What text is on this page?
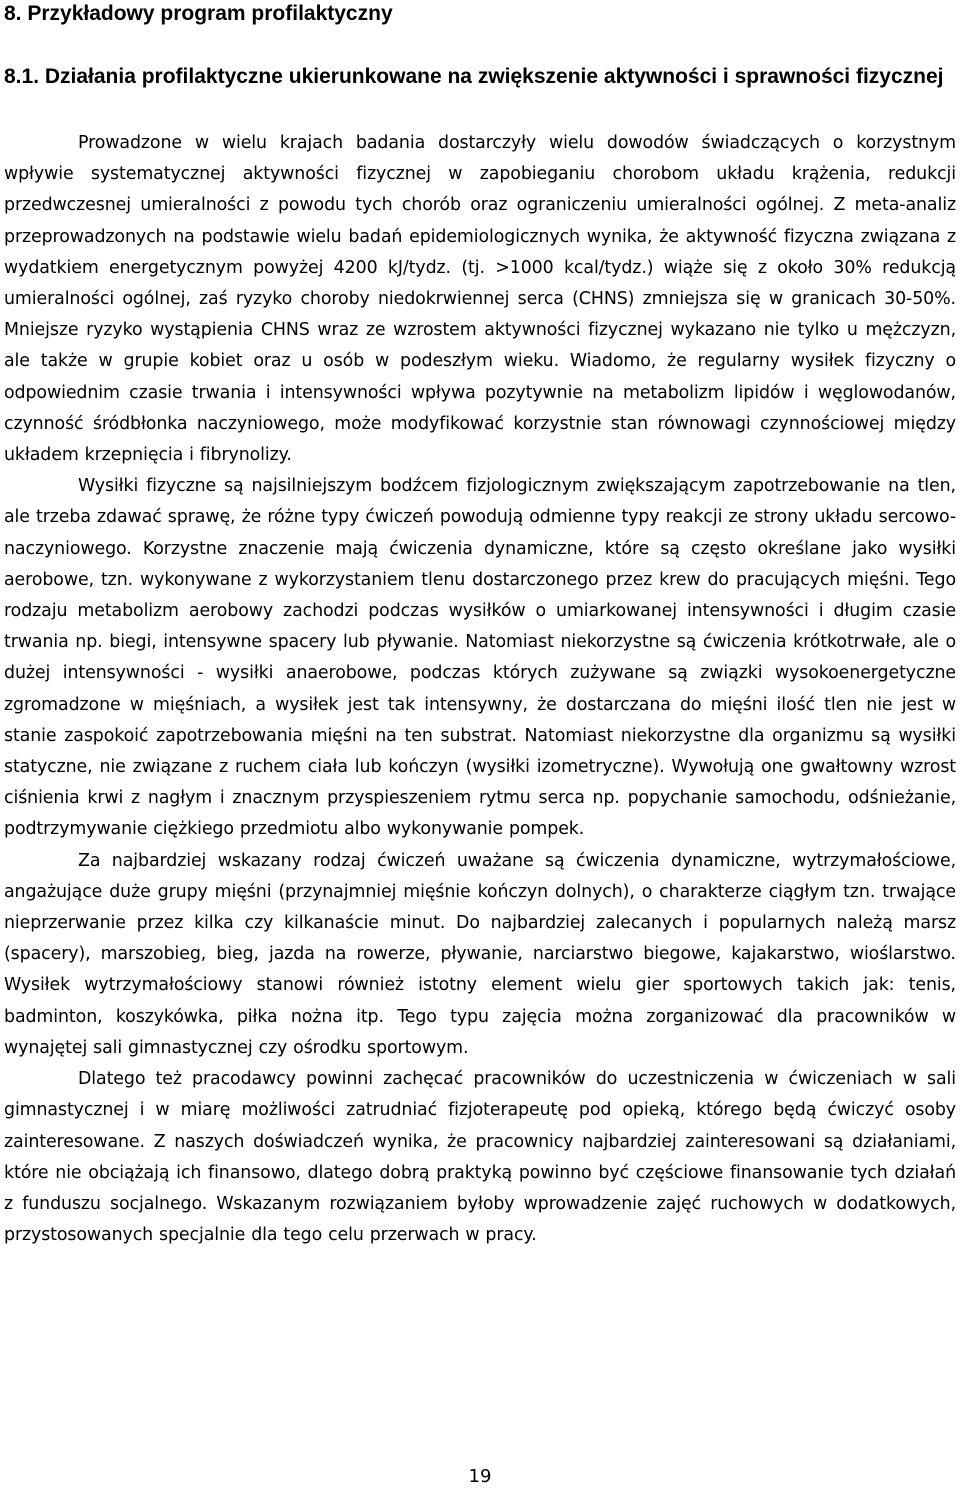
8. Przykładowy program profilaktyczny
8.1. Działania profilaktyczne ukierunkowane na zwiększenie aktywności i sprawności fizycznej

Prowadzone w wielu krajach badania dostarczyły wielu dowodów świadczących o korzystnym wpływie systematycznej aktywności fizycznej w zapobieganiu chorobom układu krążenia, redukcji przedwczesnej umieralności z powodu tych chorób oraz ograniczeniu umieralności ogólnej. Z meta-analiz przeprowadzonych na podstawie wielu badań epidemiologicznych wynika, że aktywność fizyczna związana z wydatkiem energetycznym powyżej 4200 kJ/tydz. (tj. >1000 kcal/tydz.) wiąże się z około 30% redukcją umieralności ogólnej, zaś ryzyko choroby niedokrwiennej serca (CHNS) zmniejsza się w granicach 30-50%. Mniejsze ryzyko wystąpienia CHNS wraz ze wzrostem aktywności fizycznej wykazano nie tylko u mężczyzn, ale także w grupie kobiet oraz u osób w podeszłym wieku. Wiadomo, że regularny wysiłek fizyczny o odpowiednim czasie trwania i intensywności wpływa pozytywnie na metabolizm lipidów i węglowodanów, czynność śródbłonka naczyniowego, może modyfikować korzystnie stan równowagi czynnościowej między układem krzepnięcia i fibrynolizy.

Wysiłki fizyczne są najsilniejszym bodźcem fizjologicznym zwiększającym zapotrzebowanie na tlen, ale trzeba zdawać sprawę, że różne typy ćwiczeń powodują odmienne typy reakcji ze strony układu sercowo-naczyniowego. Korzystne znaczenie mają ćwiczenia dynamiczne, które są często określane jako wysiłki aerobowe, tzn. wykonywane z wykorzystaniem tlenu dostarczonego przez krew do pracujących mięśni. Tego rodzaju metabolizm aerobowy zachodzi podczas wysiłków o umiarkowanej intensywności i długim czasie trwania np. biegi, intensywne spacery lub pływanie. Natomiast niekorzystne są ćwiczenia krótkotrwałe, ale o dużej intensywności - wysiłki anaerobowe, podczas których zużywane są związki wysokoenergetyczne zgromadzone w mięśniach, a wysiłek jest tak intensywny, że dostarczana do mięśni ilość tlen nie jest w stanie zaspokoić zapotrzebowania mięśni na ten substrat. Natomiast niekorzystne dla organizmu są wysiłki statyczne, nie związane z ruchem ciała lub kończyn (wysiłki izometryczne). Wywołują one gwałtowny wzrost ciśnienia krwi z nagłym i znacznym przyspieszeniem rytmu serca np. popychanie samochodu, odśnieżanie, podtrzymywanie ciężkiego przedmiotu albo wykonywanie pompek.

Za najbardziej wskazany rodzaj ćwiczeń uważane są ćwiczenia dynamiczne, wytrzymałościowe, angażujące duże grupy mięśni (przynajmniej mięśnie kończyn dolnych), o charakterze ciągłym tzn. trwające nieprzerwanie przez kilka czy kilkanaście minut. Do najbardziej zalecanych i popularnych należą marsz (spacery), marszobieg, bieg, jazda na rowerze, pływanie, narciarstwo biegowe, kajakarstwo, wioślarstwo. Wysiłek wytrzymałościowy stanowi również istotny element wielu gier sportowych takich jak: tenis, badminton, koszykówka, piłka nożna itp. Tego typu zajęcia można zorganizować dla pracowników w wynajętej sali gimnastycznej czy ośrodku sportowym.

Dlatego też pracodawcy powinni zachęcać pracowników do uczestniczenia w ćwiczeniach w sali gimnastycznej i w miarę możliwości zatrudniać fizjoterapeutę pod opieką, którego będą ćwiczyć osoby zainteresowane. Z naszych doświadczeń wynika, że pracownicy najbardziej zainteresowani są działaniami, które nie obciążają ich finansowo, dlatego dobrą praktyką powinno być częściowe finansowanie tych działań z funduszu socjalnego. Wskazanym rozwiązaniem byłoby wprowadzenie zajęć ruchowych w dodatkowych, przystosowanych specjalnie dla tego celu przerwach w pracy.

19
